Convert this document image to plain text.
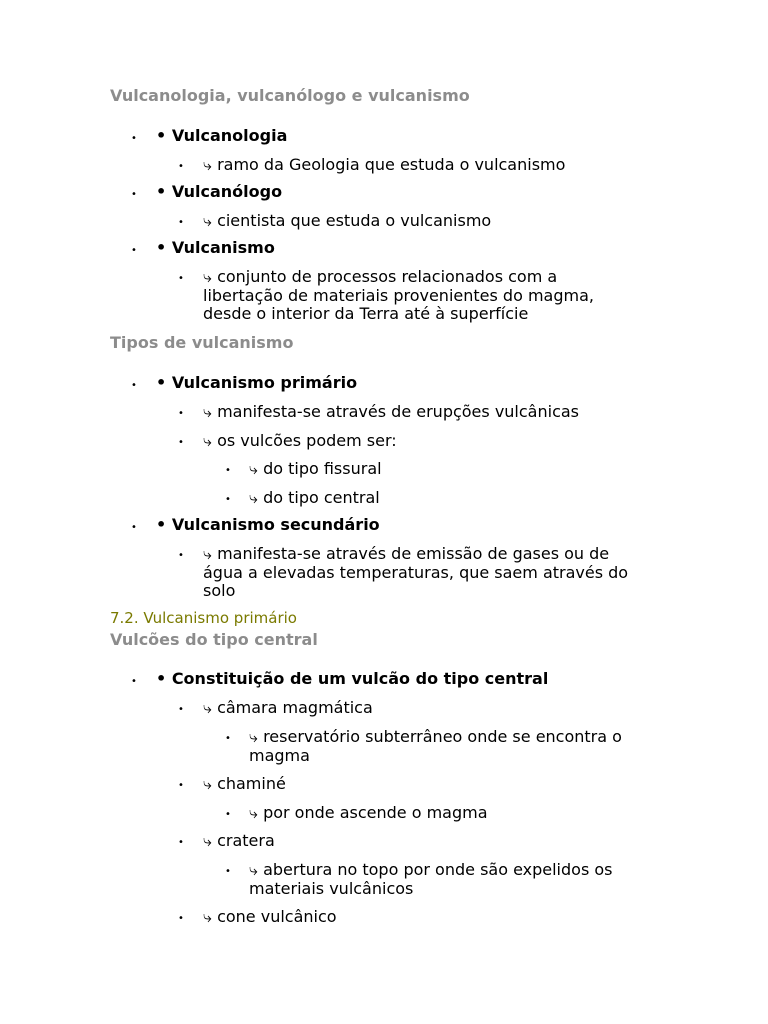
Vulcanologia, vulcanólogo e vulcanismo
• • Vulcanologia
• ⤷ ramo da Geologia que estuda o vulcanismo
• • Vulcanólogo
• ⤷ cientista que estuda o vulcanismo
• • Vulcanismo
• ⤷ conjunto de processos relacionados com a libertação de materiais provenientes do magma, desde o interior da Terra até à superfície
Tipos de vulcanismo
• • Vulcanismo primário
• ⤷ manifesta-se através de erupções vulcânicas
• ⤷ os vulcões podem ser:
• ⤷ do tipo fissural
• ⤷ do tipo central
• • Vulcanismo secundário
• ⤷ manifesta-se através de emissão de gases ou de água a elevadas temperaturas, que saem através do solo
7.2. Vulcanismo primário
Vulcões do tipo central
• • Constituição de um vulcão do tipo central
• ⤷ câmara magmática
• ⤷ reservatório subterrâneo onde se encontra o magma
• ⤷ chaminé
• ⤷ por onde ascende o magma
• ⤷ cratera
• ⤷ abertura no topo por onde são expelidos os materiais vulcânicos
• ⤷ cone vulcânico
